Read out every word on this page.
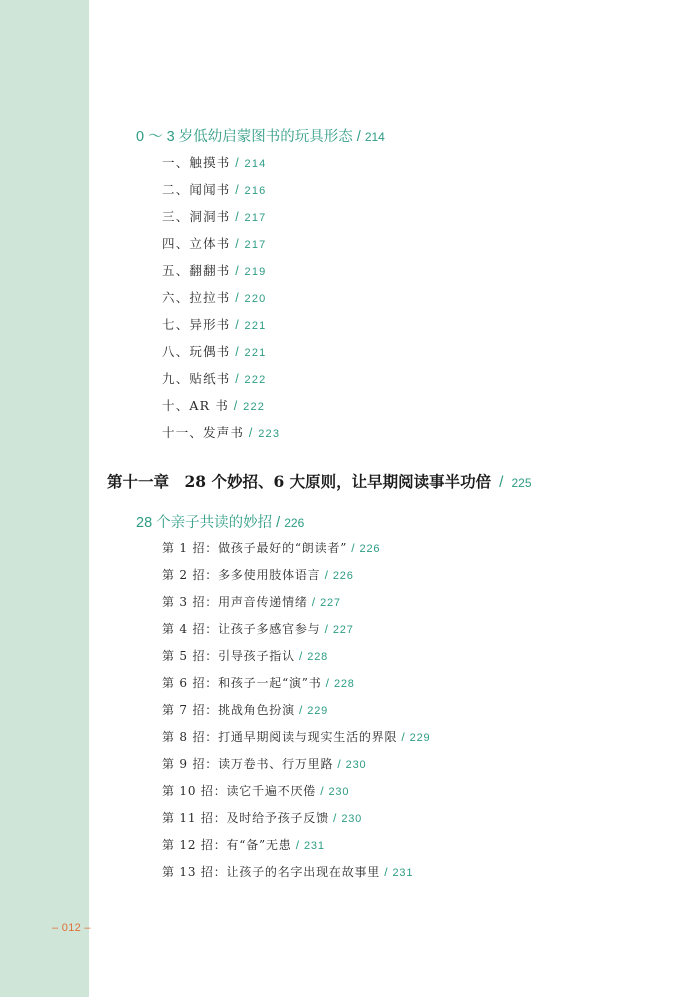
– 012 –
0 ～ 3 岁低幼启蒙图书的玩具形态 / 214
一、触摸书 / 214
二、闻闻书 / 216
三、洞洞书 / 217
四、立体书 / 217
五、翻翻书 / 219
六、拉拉书 / 220
七、异形书 / 221
八、玩偶书 / 221
九、贴纸书 / 222
十、AR 书 / 222
十一、发声书 / 223
第十一章　28 个妙招、6 大原则，让早期阅读事半功倍 / 225
28 个亲子共读的妙招 / 226
第 1 招：做孩子最好的“朗读者” / 226
第 2 招：多多使用肢体语言 / 226
第 3 招：用声音传递情绪 / 227
第 4 招：让孩子多感官参与 / 227
第 5 招：引导孩子指认 / 228
第 6 招：和孩子一起“演”书 / 228
第 7 招：挑战角色扮演 / 229
第 8 招：打通早期阅读与现实生活的界限 / 229
第 9 招：读万卷书、行万里路 / 230
第 10 招：读它千遍不厌倦 / 230
第 11 招：及时给予孩子反馈 / 230
第 12 招：有“备”无患 / 231
第 13 招：让孩子的名字出现在故事里 / 231
